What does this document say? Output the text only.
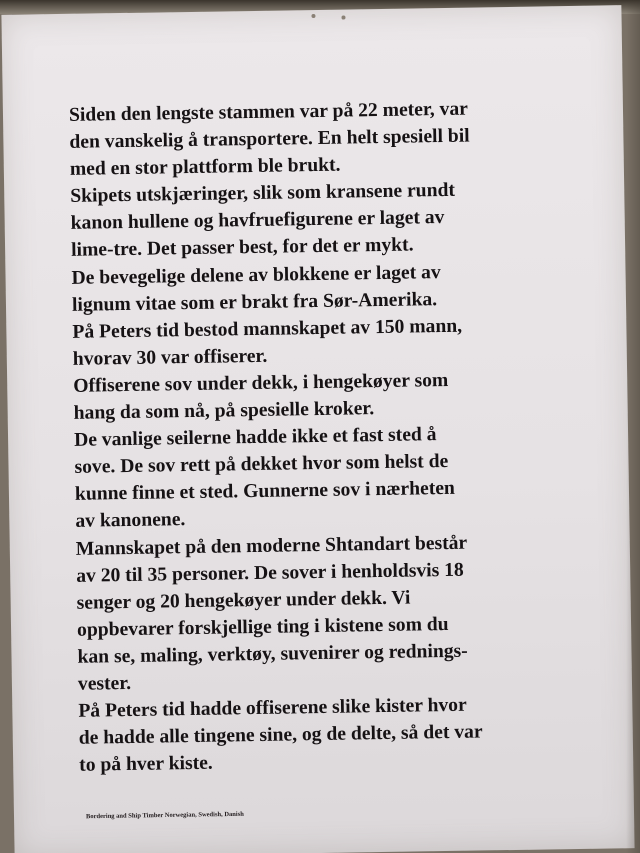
Siden den lengste stammen var på 22 meter, var
den vanskelig å transportere. En helt spesiell bil
med en stor plattform ble brukt.
Skipets utskjæringer, slik som kransene rundt
kanon hullene og havfruefigurene er laget av
lime-tre. Det passer best, for det er mykt.
De bevegelige delene av blokkene er laget av
lignum vitae som er brakt fra Sør-Amerika.
På Peters tid bestod mannskapet av 150 mann,
hvorav 30 var offiserer.
Offiserene sov under dekk, i hengekøyer som
hang da som nå, på spesielle kroker.
De vanlige seilerne hadde ikke et fast sted å
sove. De sov rett på dekket hvor som helst de
kunne finne et sted. Gunnerne sov i nærheten
av kanonene.
Mannskapet på den moderne Shtandart består
av 20 til 35 personer. De sover i henholdsvis 18
senger og 20 hengekøyer under dekk. Vi
oppbevarer forskjellige ting i kistene som du
kan se, maling, verktøy, suvenirer og rednings-
vester.
På Peters tid hadde offiserene slike kister hvor
de hadde alle tingene sine, og de delte, så det var
to på hver kiste.
Bordering and Ship Timber Norwegian, Swedish, Danish
